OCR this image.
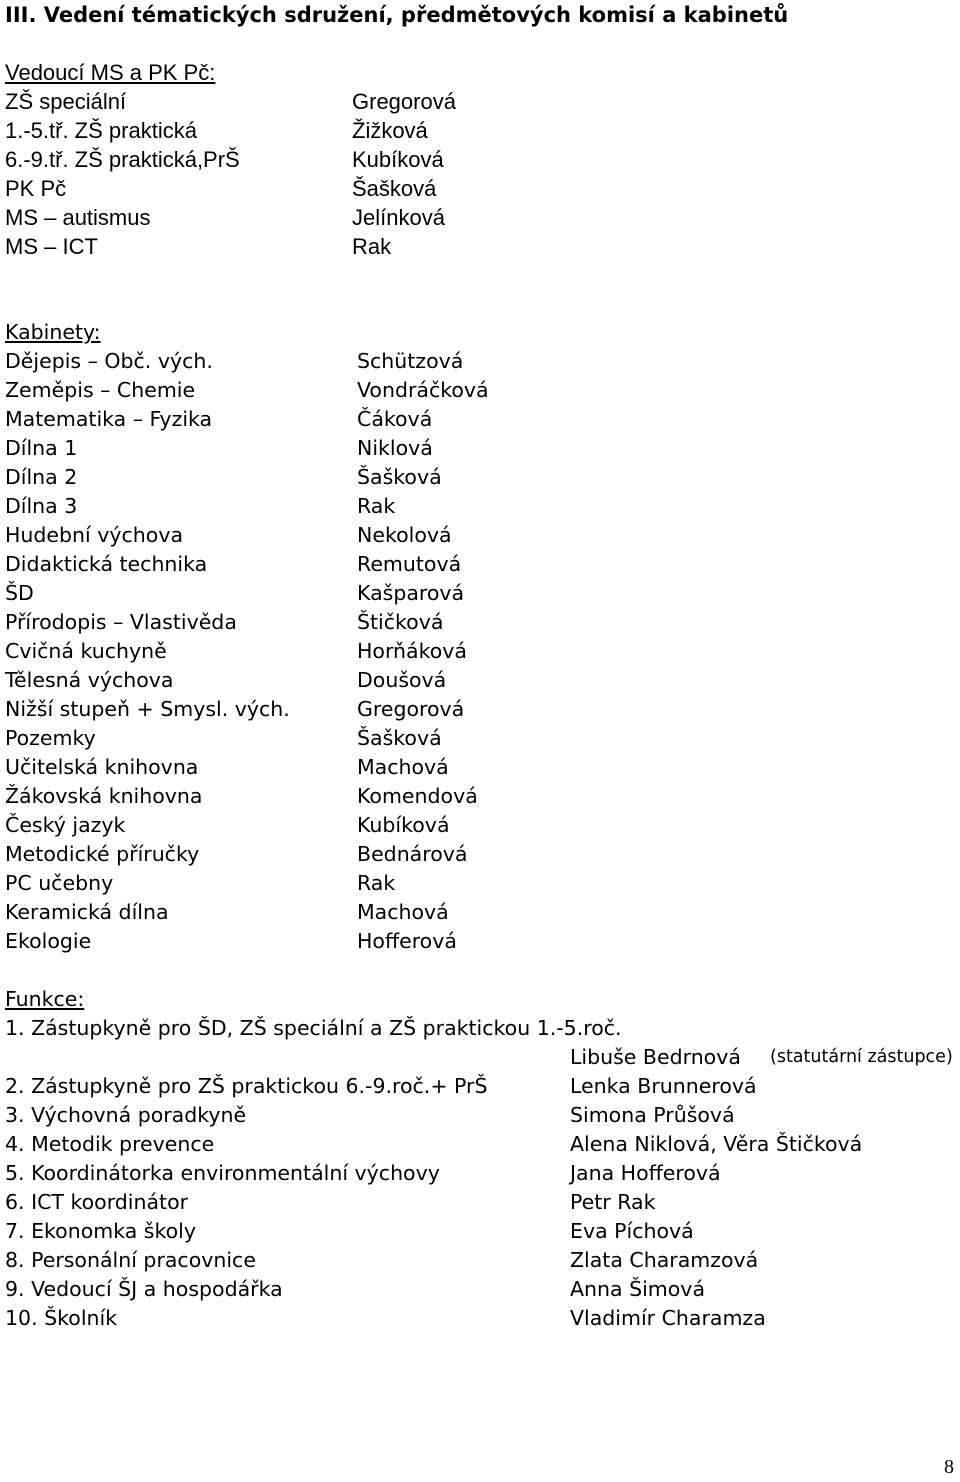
III. Vedení tématických sdružení, předmětových komisí a kabinetů
Vedoucí MS a PK Pč:
ZŠ speciální	Gregorová
1.-5.tř. ZŠ praktická	Žižková
6.-9.tř. ZŠ praktická,PrŠ	Kubíková
PK Pč	Šašková
MS – autismus	Jelínková
MS – ICT	Rak
Kabinety:
Dějepis – Obč. vých.	Schützová
Zeměpis – Chemie	Vondráčková
Matematika – Fyzika	Čáková
Dílna 1	Niklová
Dílna 2	Šašková
Dílna 3	Rak
Hudební výchova	Nekolová
Didaktická technika	Remutová
ŠD	Kašparová
Přírodopis – Vlastivěda	Štičková
Cvičná kuchyně	Horňáková
Tělesná výchova	Doušová
Nižší stupeň + Smysl. vých.	Gregorová
Pozemky	Šašková
Učitelská knihovna	Machová
Žákovská knihovna	Komendová
Český jazyk	Kubíková
Metodické příručky	Bednárová
PC učebny	Rak
Keramická dílna	Machová
Ekologie	Hofferová
Funkce:
1. Zástupkyně pro ŠD, ZŠ speciální a ZŠ praktickou 1.-5.roč.
Libuše Bedrnová (statutární zástupce)
2. Zástupkyně pro ZŠ praktickou 6.-9.roč.+ PrŠ	Lenka Brunnerová
3. Výchovná poradkyně	Simona Průšová
4. Metodik prevence	Alena Niklová, Věra Štičková
5. Koordinátorka environmentální výchovy	Jana Hofferová
6. ICT koordinátor	Petr Rak
7. Ekonomka školy	Eva Píchová
8. Personální pracovnice	Zlata Charamzová
9. Vedoucí ŠJ a hospodářka	Anna Šimová
10. Školník	Vladimír Charamza
8
